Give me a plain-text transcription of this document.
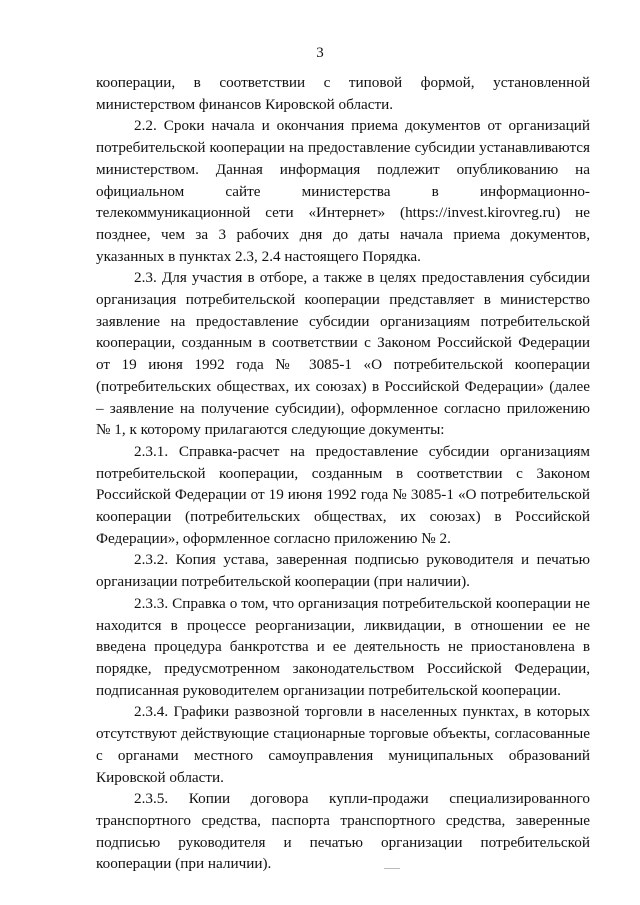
3

кооперации, в соответствии с типовой формой, установленной министерством финансов Кировской области.

2.2. Сроки начала и окончания приема документов от организаций потребительской кооперации на предоставление субсидии устанавливаются министерством. Данная информация подлежит опубликованию на официальном сайте министерства в информационно-телекоммуникационной сети «Интернет» (https://invest.kirovreg.ru) не позднее, чем за 3 рабочих дня до даты начала приема документов, указанных в пунктах 2.3, 2.4 настоящего Порядка.

2.3. Для участия в отборе, а также в целях предоставления субсидии организация потребительской кооперации представляет в министерство заявление на предоставление субсидии организациям потребительской кооперации, созданным в соответствии с Законом Российской Федерации от 19 июня 1992 года № 3085-1 «О потребительской кооперации (потребительских обществах, их союзах) в Российской Федерации» (далее – заявление на получение субсидии), оформленное согласно приложению № 1, к которому прилагаются следующие документы:

2.3.1. Справка-расчет на предоставление субсидии организациям потребительской кооперации, созданным в соответствии с Законом Российской Федерации от 19 июня 1992 года № 3085-1 «О потребительской кооперации (потребительских обществах, их союзах) в Российской Федерации», оформленное согласно приложению № 2.

2.3.2. Копия устава, заверенная подписью руководителя и печатью организации потребительской кооперации (при наличии).

2.3.3. Справка о том, что организация потребительской кооперации не находится в процессе реорганизации, ликвидации, в отношении ее не введена процедура банкротства и ее деятельность не приостановлена в порядке, предусмотренном законодательством Российской Федерации, подписанная руководителем организации потребительской кооперации.

2.3.4. Графики развозной торговли в населенных пунктах, в которых отсутствуют действующие стационарные торговые объекты, согласованные с органами местного самоуправления муниципальных образований Кировской области.

2.3.5. Копии договора купли-продажи специализированного транспортного средства, паспорта транспортного средства, заверенные подписью руководителя и печатью организации потребительской кооперации (при наличии).
